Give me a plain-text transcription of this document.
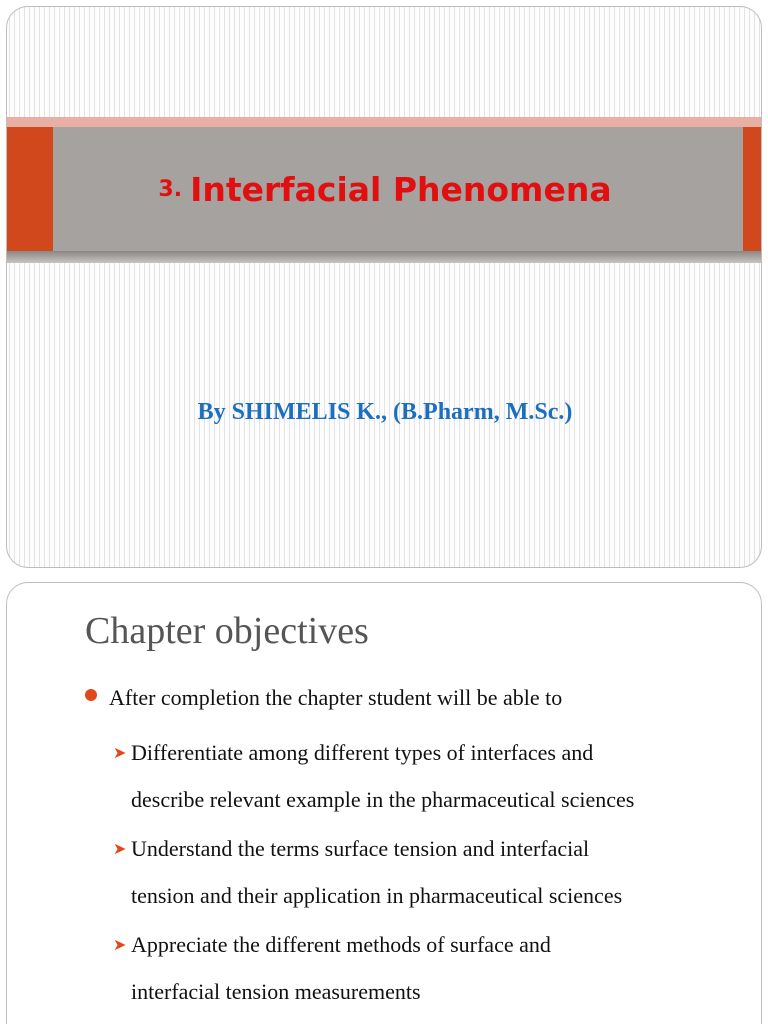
3. Interfacial Phenomena
By SHIMELIS K., (B.Pharm, M.Sc.)
Chapter objectives
After completion the chapter student will be able to
➤ Differentiate among different types of interfaces and
describe relevant example in the pharmaceutical sciences
➤ Understand the terms surface tension and interfacial
tension and their application in pharmaceutical sciences
➤ Appreciate the different methods of surface and
interfacial tension measurements
